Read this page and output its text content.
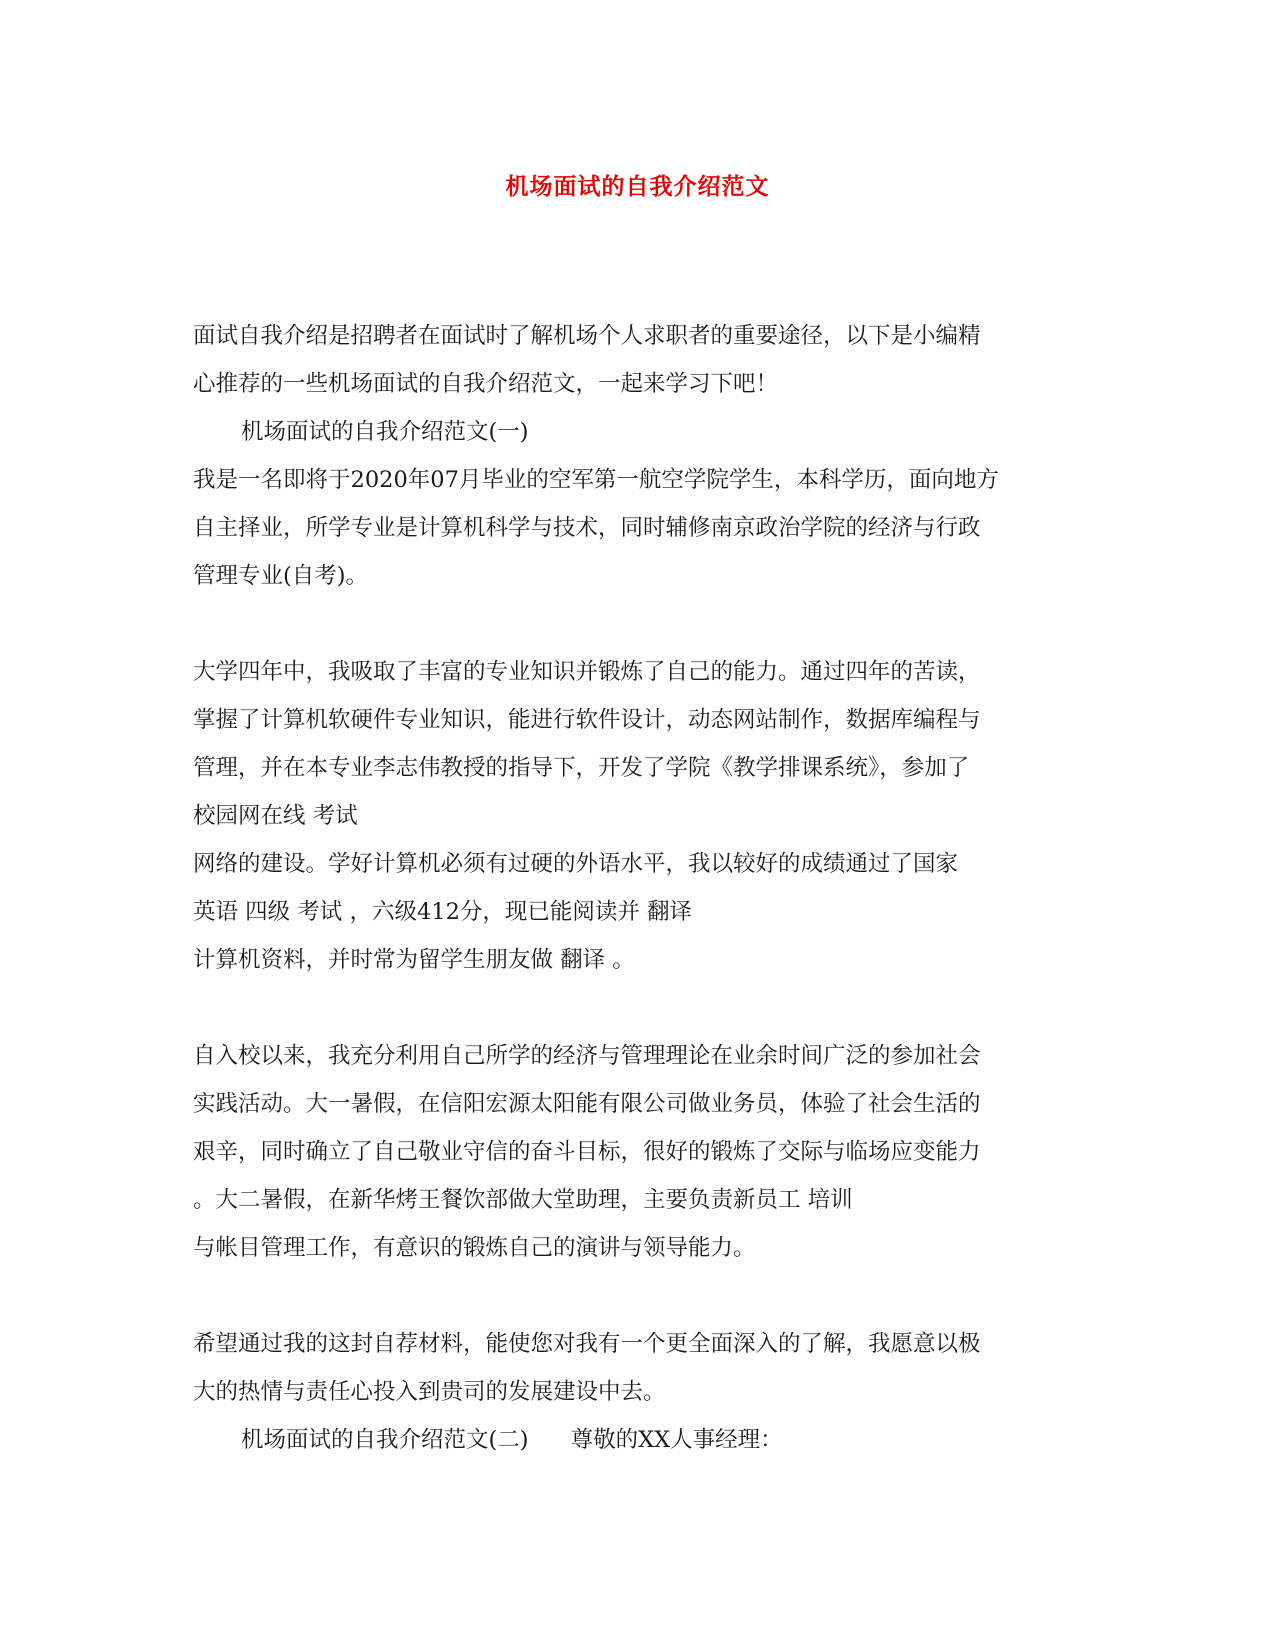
机场面试的自我介绍范文
面试自我介绍是招聘者在面试时了解机场个人求职者的重要途径，以下是小编精
心推荐的一些机场面试的自我介绍范文，一起来学习下吧！
机场面试的自我介绍范文(一)
我是一名即将于2020年07月毕业的空军第一航空学院学生，本科学历，面向地方
自主择业，所学专业是计算机科学与技术，同时辅修南京政治学院的经济与行政
管理专业(自考)。
大学四年中，我吸取了丰富的专业知识并锻炼了自己的能力。通过四年的苦读，
掌握了计算机软硬件专业知识，能进行软件设计，动态网站制作，数据库编程与
管理，并在本专业李志伟教授的指导下，开发了学院《教学排课系统》，参加了
校园网在线 考试
网络的建设。学好计算机必须有过硬的外语水平，我以较好的成绩通过了国家
英语 四级 考试 ，六级412分，现已能阅读并 翻译
计算机资料，并时常为留学生朋友做 翻译 。
自入校以来，我充分利用自己所学的经济与管理理论在业余时间广泛的参加社会
实践活动。大一暑假，在信阳宏源太阳能有限公司做业务员，体验了社会生活的
艰辛，同时确立了自己敬业守信的奋斗目标，很好的锻炼了交际与临场应变能力
。大二暑假，在新华烤王餐饮部做大堂助理，主要负责新员工 培训
与帐目管理工作，有意识的锻炼自己的演讲与领导能力。
希望通过我的这封自荐材料，能使您对我有一个更全面深入的了解，我愿意以极
大的热情与责任心投入到贵司的发展建设中去。
机场面试的自我介绍范文(二) 尊敬的XX人事经理：
